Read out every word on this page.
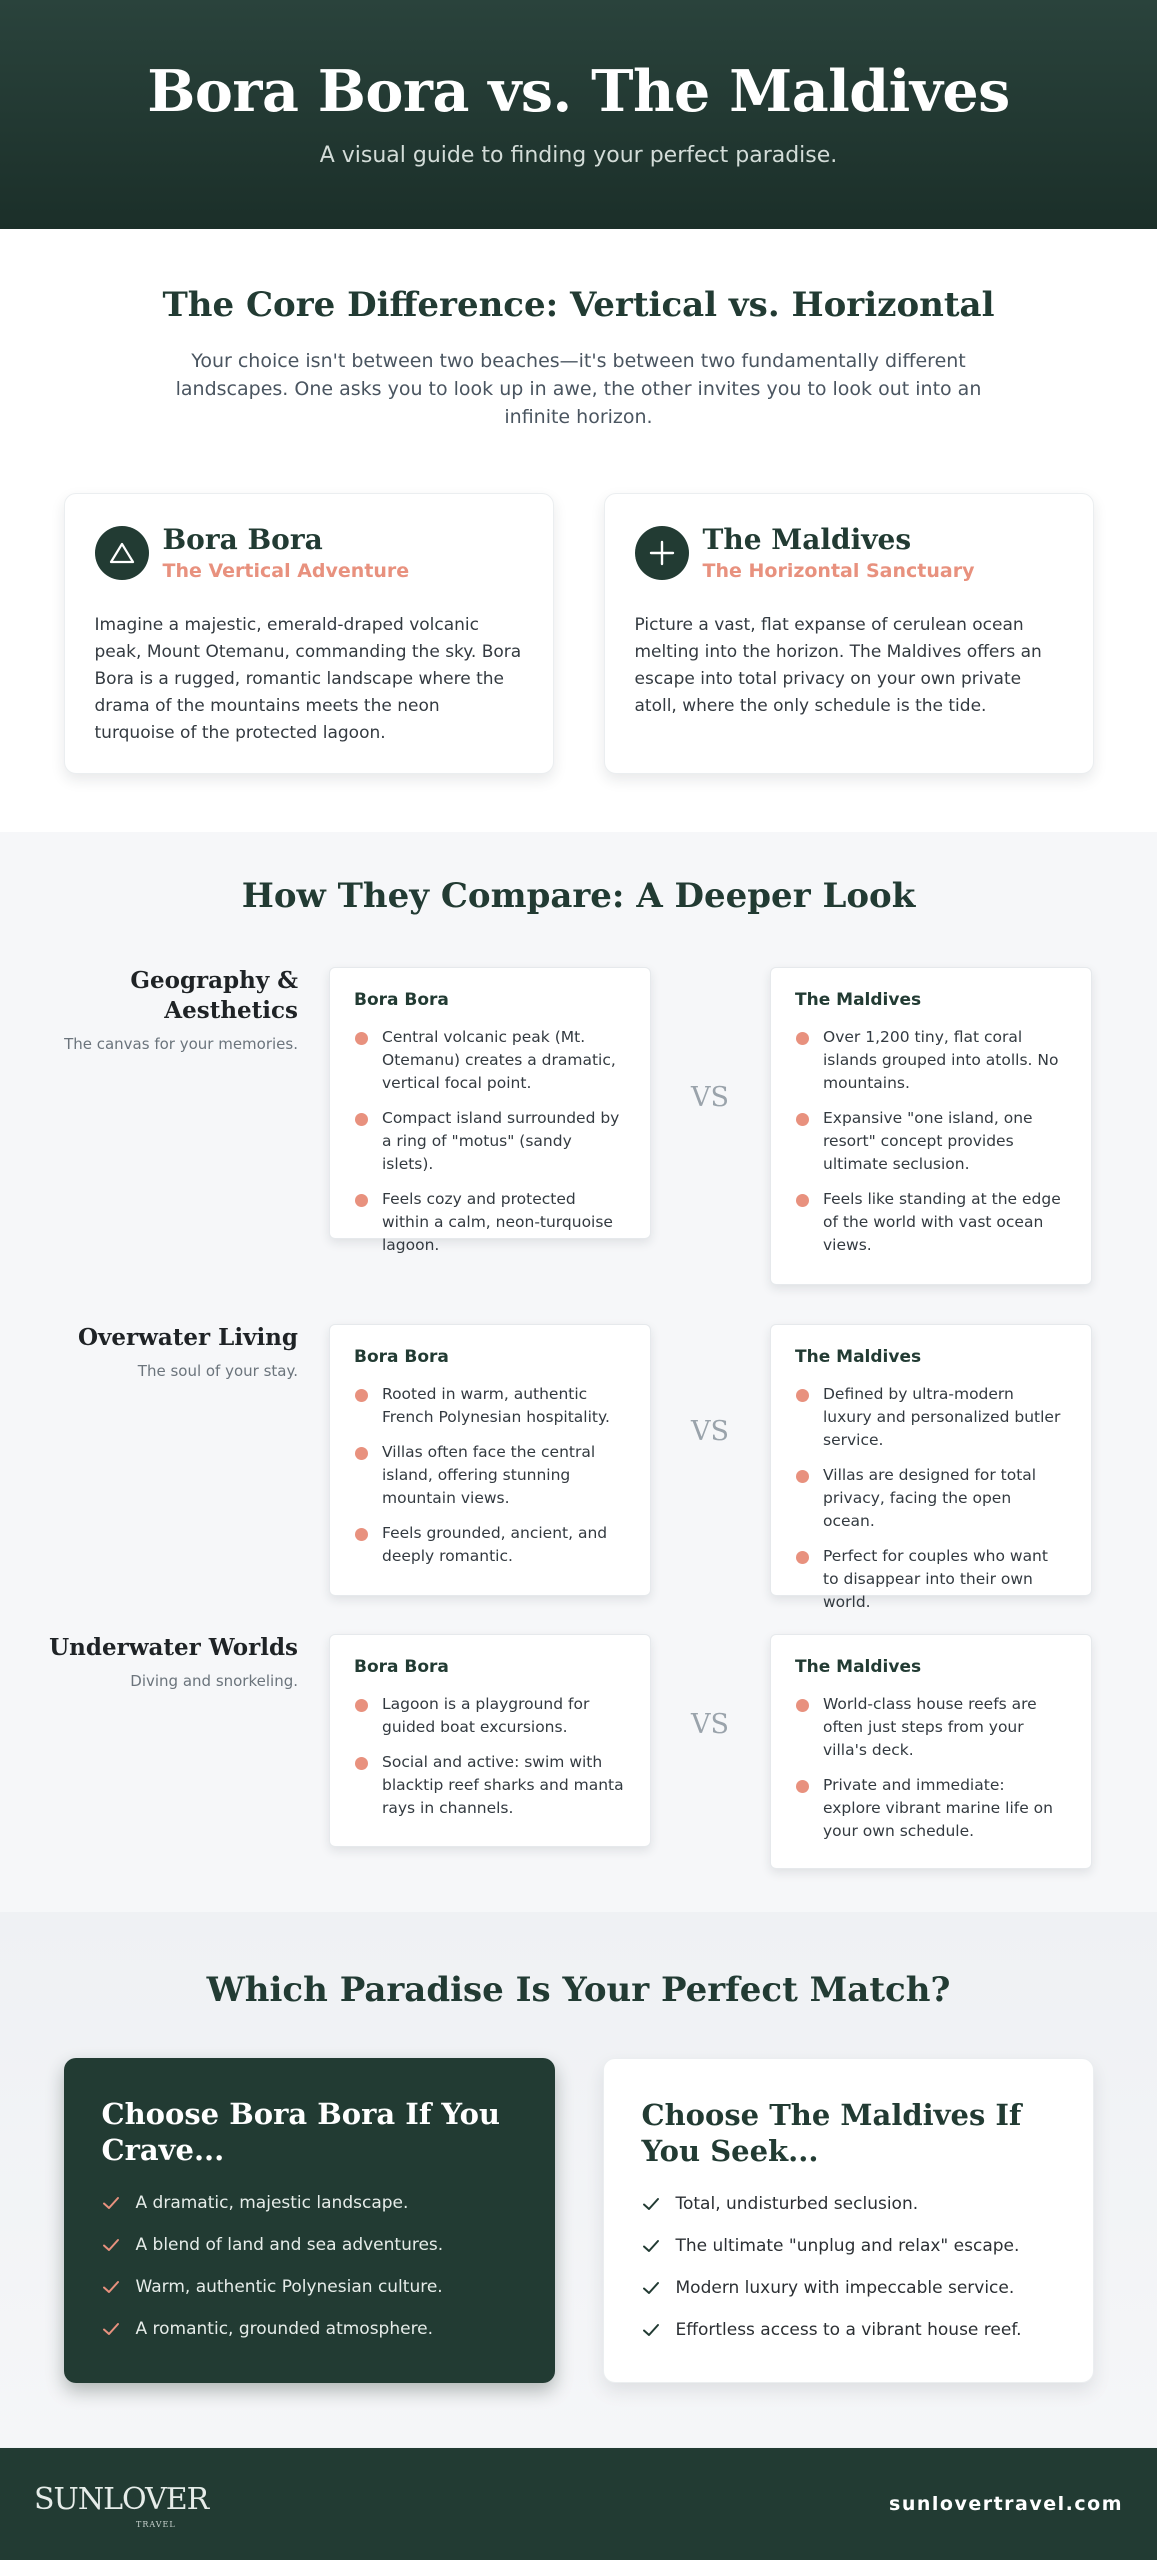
Bora Bora vs. The Maldives

A visual guide to finding your perfect paradise.

The Core Difference: Vertical vs. Horizontal

Your choice isn't between two beaches—it's between two fundamentally different landscapes. One asks you to look up in awe, the other invites you to look out into an infinite horizon.

Bora Bora
The Vertical Adventure

Imagine a majestic, emerald-draped volcanic peak, Mount Otemanu, commanding the sky. Bora Bora is a rugged, romantic landscape where the drama of the mountains meets the neon turquoise of the protected lagoon.

The Maldives
The Horizontal Sanctuary

Picture a vast, flat expanse of cerulean ocean melting into the horizon. The Maldives offers an escape into total privacy on your own private atoll, where the only schedule is the tide.

How They Compare: A Deeper Look
Geography & Aesthetics
The canvas for your memories.
Bora Bora
Central volcanic peak (Mt. Otemanu) creates a dramatic, vertical focal point.
Compact island surrounded by a ring of "motus" (sandy islets).
Feels cozy and protected within a calm, neon-turquoise lagoon.
VS
The Maldives
Over 1,200 tiny, flat coral islands grouped into atolls. No mountains.
Expansive "one island, one resort" concept provides ultimate seclusion.
Feels like standing at the edge of the world with vast ocean views.
Overwater Living
The soul of your stay.
Bora Bora
Rooted in warm, authentic French Polynesian hospitality.
Villas often face the central island, offering stunning mountain views.
Feels grounded, ancient, and deeply romantic.
VS
The Maldives
Defined by ultra-modern luxury and personalized butler service.
Villas are designed for total privacy, facing the open ocean.
Perfect for couples who want to disappear into their own world.
Underwater Worlds
Diving and snorkeling.
Bora Bora
Lagoon is a playground for guided boat excursions.
Social and active: swim with blacktip reef sharks and manta rays in channels.
VS
The Maldives
World-class house reefs are often just steps from your villa's deck.
Private and immediate: explore vibrant marine life on your own schedule.
Which Paradise Is Your Perfect Match?
Choose Bora Bora If You Crave...
A dramatic, majestic landscape.
A blend of land and sea adventures.
Warm, authentic Polynesian culture.
A romantic, grounded atmosphere.
Choose The Maldives If You Seek...
Total, undisturbed seclusion.
The ultimate "unplug and relax" escape.
Modern luxury with impeccable service.
Effortless access to a vibrant house reef.
SUNLOVER
TRAVEL
sunlovertravel.com
